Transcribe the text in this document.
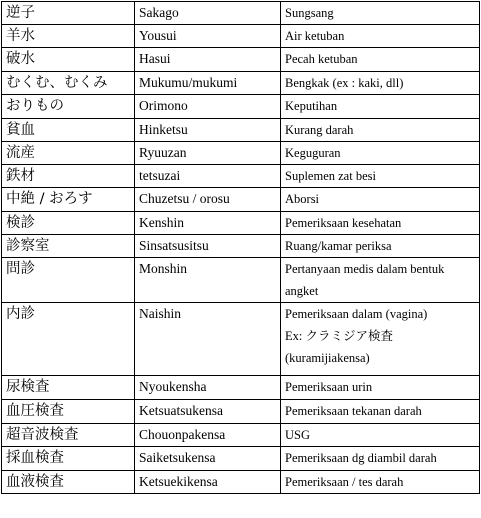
逆子	Sakago	Sungsang

羊水	Yousui	Air ketuban

破水	Hasui	Pecah ketuban

むくむ、むくみ	Mukumu/mukumi	Bengkak (ex : kaki, dll)

おりもの	Orimono	Keputihan

貧血	Hinketsu	Kurang darah

流産	Ryuuzan	Keguguran

鉄材	tetsuzai	Suplemen zat besi

中絶 / おろす	Chuzetsu / orosu	Aborsi

検診	Kenshin	Pemeriksaan kesehatan

診察室	Sinsatsusitsu	Ruang/kamar periksa

問診	Monshin	Pertanyaan medis dalam bentuk
angket

内診	Naishin	Pemeriksaan dalam (vagina)
Ex: クラミジア検査
(kuramijiakensa)

尿検査	Nyoukensha	Pemeriksaan urin

血圧検査	Ketsuatsukensa	Pemeriksaan tekanan darah

超音波検査	Chouonpakensa	USG

採血検査	Saiketsukensa	Pemeriksaan dg diambil darah

血液検査	Ketsuekikensa	Pemeriksaan / tes darah
